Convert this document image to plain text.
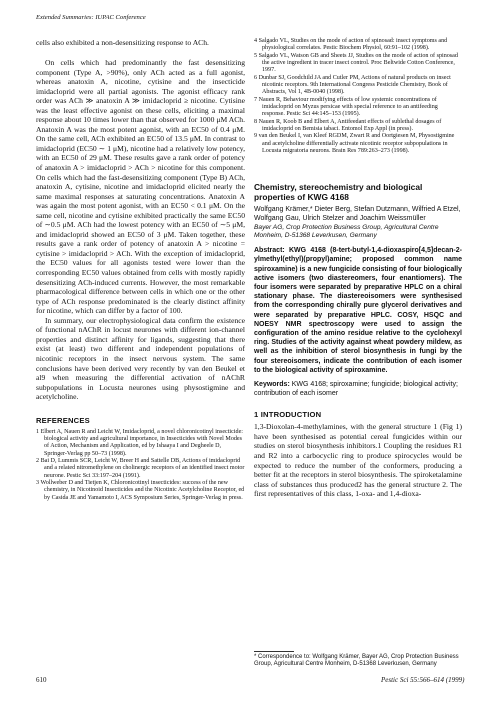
Extended Summaries: IUPAC Conference

cells also exhibited a non-desensitizing response to ACh.

On cells which had predominantly the fast desensitizing component (Type A, >90%), only ACh acted as a full agonist, whereas anatoxin A, nicotine, cytisine and the insecticide imidacloprid were all partial agonists. The agonist efficacy rank order was ACh ≫ anatoxin A ≫ imidacloprid ≥ nicotine. Cytisine was the least effective agonist on these cells, eliciting a maximal response about 10 times lower than that observed for 1000 μM ACh. Anatoxin A was the most potent agonist, with an EC50 of 0.4 μM. On the same cell, ACh exhibited an EC50 of 13.5 μM. In contrast to imidacloprid (EC50 ∼ 1 μM), nicotine had a relatively low potency, with an EC50 of 29 μM. These results gave a rank order of potency of anatoxin A > imidacloprid > ACh > nicotine for this component. On cells which had the fast-desensitizing component (Type B) ACh, anatoxin A, cytisine, nicotine and imidacloprid elicited nearly the same maximal responses at saturating concentrations. Anatoxin A was again the most potent agonist, with an EC50 < 0.1 μM. On the same cell, nicotine and cytisine exhibited practically the same EC50 of ∼0.5 μM. ACh had the lowest potency with an EC50 of ∼5 μM, and imidacloprid showed an EC50 of 3 μM. Taken together, these results gave a rank order of potency of anatoxin A > nicotine = cytisine > imidacloprid > ACh. With the exception of imidacloprid, the EC50 values for all agonists tested were lower than the corresponding EC50 values obtained from cells with mostly rapidly desensitizing ACh-induced currents. However, the most remarkable pharmacological difference between cells in which one or the other type of ACh response predominated is the clearly distinct affinity for nicotine, which can differ by a factor of 100.

In summary, our electrophysiological data confirm the existence of functional nAChR in locust neurones with different ion-channel properties and distinct affinity for ligands, suggesting that there exist (at least) two different and independent populations of nicotinic receptors in the insect nervous system. The same conclusions have been derived very recently by van den Beukel et al9 when measuring the differential activation of nAChR subpopulations in Locusta neurones using physostigmine and acetylcholine.

REFERENCES

1 Elbert A, Nauen R and Leicht W, Imidacloprid, a novel chloronicotinyl insecticide: biological activity and agricultural importance, in Insecticides with Novel Modes of Action, Mechanism and Application, ed by Ishaaya I and Degheele D, Springer-Verlag pp 50–73 (1998).

2 Bai D, Lummis SCR, Leicht W, Breer H and Sattelle DB, Actions of imidacloprid and a related nitromethylene on cholinergic receptors of an identified insect motor neurone. Pestic Sci 33:197–204 (1991).

3 Wollweber D and Tietjen K, Chloronicotinyl insecticides: success of the new chemistry, in Nicotinoid Insecticides and the Nicotinic Acetylcholine Receptor, ed by Casida JE and Yamamoto I, ACS Symposium Series, Springer-Verlag in press.

4 Salgado VL, Studies on the mode of action of spinosad: insect symptoms and physiological correlates. Pestic Biochem Physiol, 60:91–102 (1998).

5 Salgado VL, Watson GB and Sheets JJ, Studies on the mode of action of spinosad the active ingredient in tracer insect control. Proc Beltwide Cotton Conference, 1997.

6 Dunbar SJ, Goodchild JA and Cutler PM, Actions of natural products on insect nicotinic receptors. 9th International Congress Pesticide Chemistry, Book of Abstracts, Vol 1, 4B-0040 (1998).

7 Nauen R, Behaviour modifying effects of low systemic concentrations of imidacloprid on Myzus persicae with special reference to an antifeeding response. Pestic Sci 44:145–153 (1995).

8 Nauen R, Koob B and Elbert A, Antifeedant effects of sublethal dosages of imidacloprid on Bemisia tabaci. Entomol Exp Appl (in press).

9 van den Beukel I, van Kleef RGDM, Zwart R and Oortgiesen M, Physostigmine and acetylcholine differentially activate nicotinic receptor subpopulations in Locusta migratoria neurons. Brain Res 789:263–273 (1998).

Chemistry, stereochemistry and biological properties of KWG 4168

Wolfgang Krämer,* Dieter Berg, Stefan Dutzmann, Wilfried A Etzel, Wolfgang Gau, Ulrich Stelzer and Joachim Weissmüller

Bayer AG, Crop Protection Business Group, Agricultural Centre Monheim, D-51368 Leverkusen, Germany

Abstract: KWG 4168 (8-tert-butyl-1,4-dioxaspiro[4,5]decan-2-ylmethyl(ethyl)(propyl)amine; proposed common name spiroxamine) is a new fungicide consisting of four biologically active isomers (two diastereomers, four enantiomers). The four isomers were separated by preparative HPLC on a chiral stationary phase. The diastereoisomers were synthesised from the corresponding chirally pure glycerol derivatives and were separated by preparative HPLC. COSY, HSQC and NOESY NMR spectroscopy were used to assign the configuration of the amino residue relative to the cyclohexyl ring. Studies of the activity against wheat powdery mildew, as well as the inhibition of sterol biosynthesis in fungi by the four stereoisomers, indicate the contribution of each isomer to the biological activity of spiroxamine.

Keywords: KWG 4168; spiroxamine; fungicide; biological activity; contribution of each isomer

1 INTRODUCTION

1,3-Dioxolan-4-methylamines, with the general structure 1 (Fig 1) have been synthesised as potential cereal fungicides within our studies on sterol biosynthesis inhibitors.1 Coupling the residues R1 and R2 into a carbocyclic ring to produce spirocycles would be expected to reduce the number of the conformers, producing a better fit at the receptors in sterol biosynthesis. The spiroketalamine class of substances thus produced2 has the general structure 2. The first representatives of this class, 1-oxa- and 1,4-dioxa-

* Correspondence to: Wolfgang Krämer, Bayer AG, Crop Protection Business Group, Agricultural Centre Monheim, D-51368 Leverkusen, Germany

610	Pestic Sci 55:566–614 (1999)
